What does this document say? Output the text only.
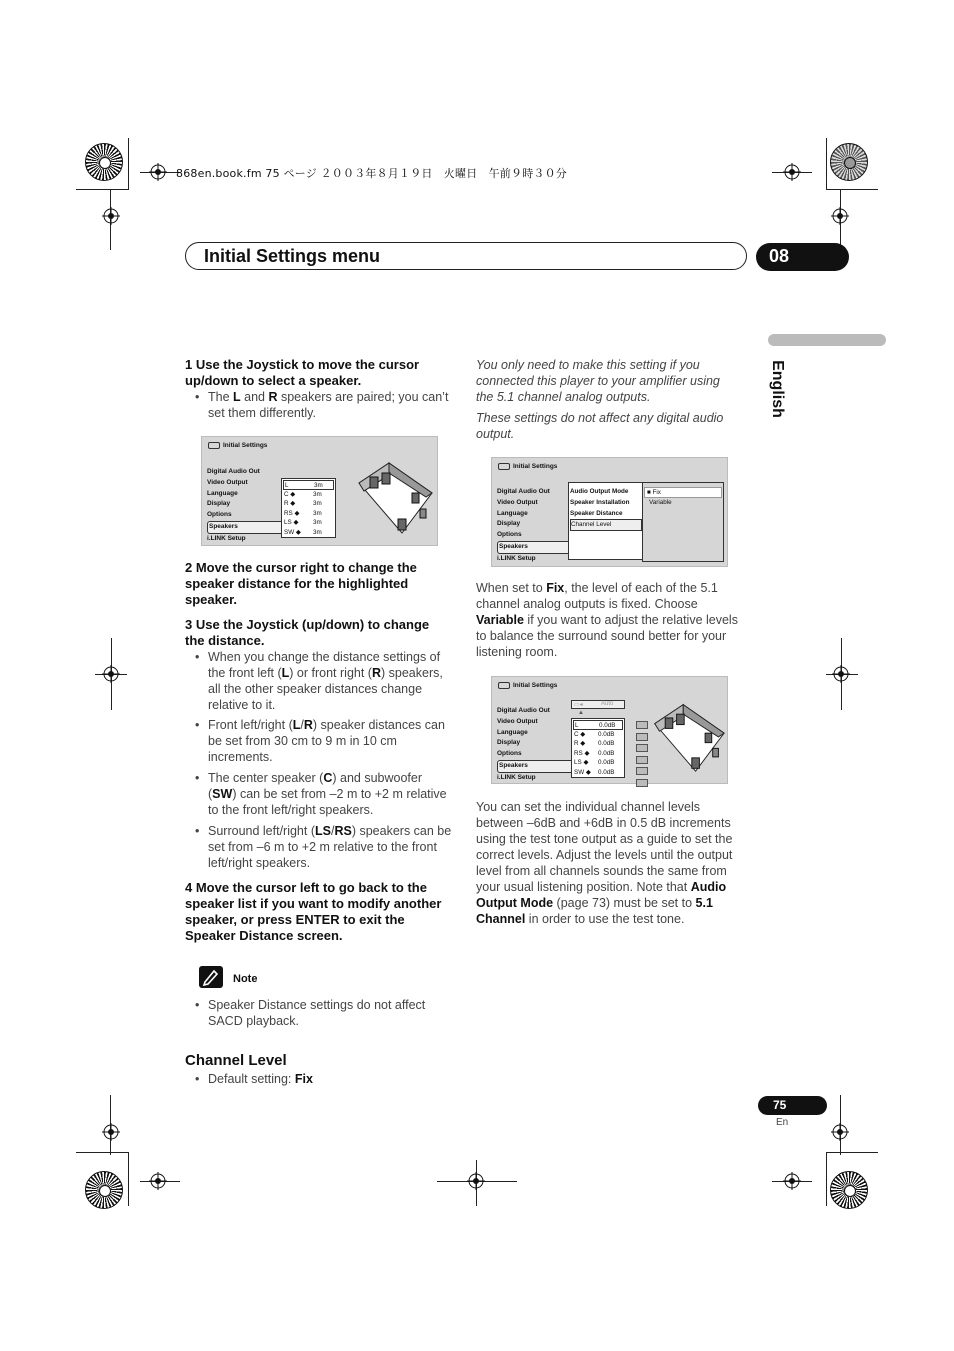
868en.book.fm 75 ページ ２００３年８月１９日　火曜日　午前９時３０分
Initial Settings menu	08
English
1 Use the Joystick to move the cursor up/down to select a speaker.
• The L and R speakers are paired; you can’t set them differently.
Initial Settings
Digital Audio Out
Video Output
Language
Display
Options
Speakers
i.LINK Setup
L	3m
C ◆	3m
R ◆	3m
RS ◆ 3m
LS ◆ 3m
SW ◆ 3m
2 Move the cursor right to change the speaker distance for the highlighted speaker.
3 Use the Joystick (up/down) to change the distance.
• When you change the distance settings of the front left (L) or front right (R) speakers, all the other speaker distances change relative to it.
• Front left/right (L/R) speaker distances can be set from 30 cm to 9 m in 10 cm increments.
• The center speaker (C) and subwoofer (SW) can be set from –2 m to +2 m relative to the front left/right speakers.
• Surround left/right (LS/RS) speakers can be set from –6 m to +2 m relative to the front left/right speakers.
4 Move the cursor left to go back to the speaker list if you want to modify another speaker, or press ENTER to exit the Speaker Distance screen.
Note
• Speaker Distance settings do not affect SACD playback.
Channel Level
• Default setting: Fix
You only need to make this setting if you connected this player to your amplifier using the 5.1 channel analog outputs.
These settings do not affect any digital audio output.
Initial Settings
Digital Audio Out
Video Output
Language
Display
Options
Speakers
i.LINK Setup
Audio Output Mode
Speaker Installation
Speaker Distance
Channel Level
■ Fix
Variable
When set to Fix, the level of each of the 5.1 channel analog outputs is fixed. Choose Variable if you want to adjust the relative levels to balance the surround sound better for your listening room.
Initial Settings
Digital Audio Out
Video Output
Language
Display
Options
Speakers
i.LINK Setup
▭◂	Auto
▲
L	0.0dB
C ◆ 0.0dB
R ◆ 0.0dB
RS ◆ 0.0dB
LS ◆ 0.0dB
SW ◆ 0.0dB
You can set the individual channel levels between –6dB and +6dB in 0.5 dB increments using the test tone output as a guide to set the correct levels. Adjust the levels until the output level from all channels sounds the same from your usual listening position. Note that Audio Output Mode (page 73) must be set to 5.1 Channel in order to use the test tone.
75
En
